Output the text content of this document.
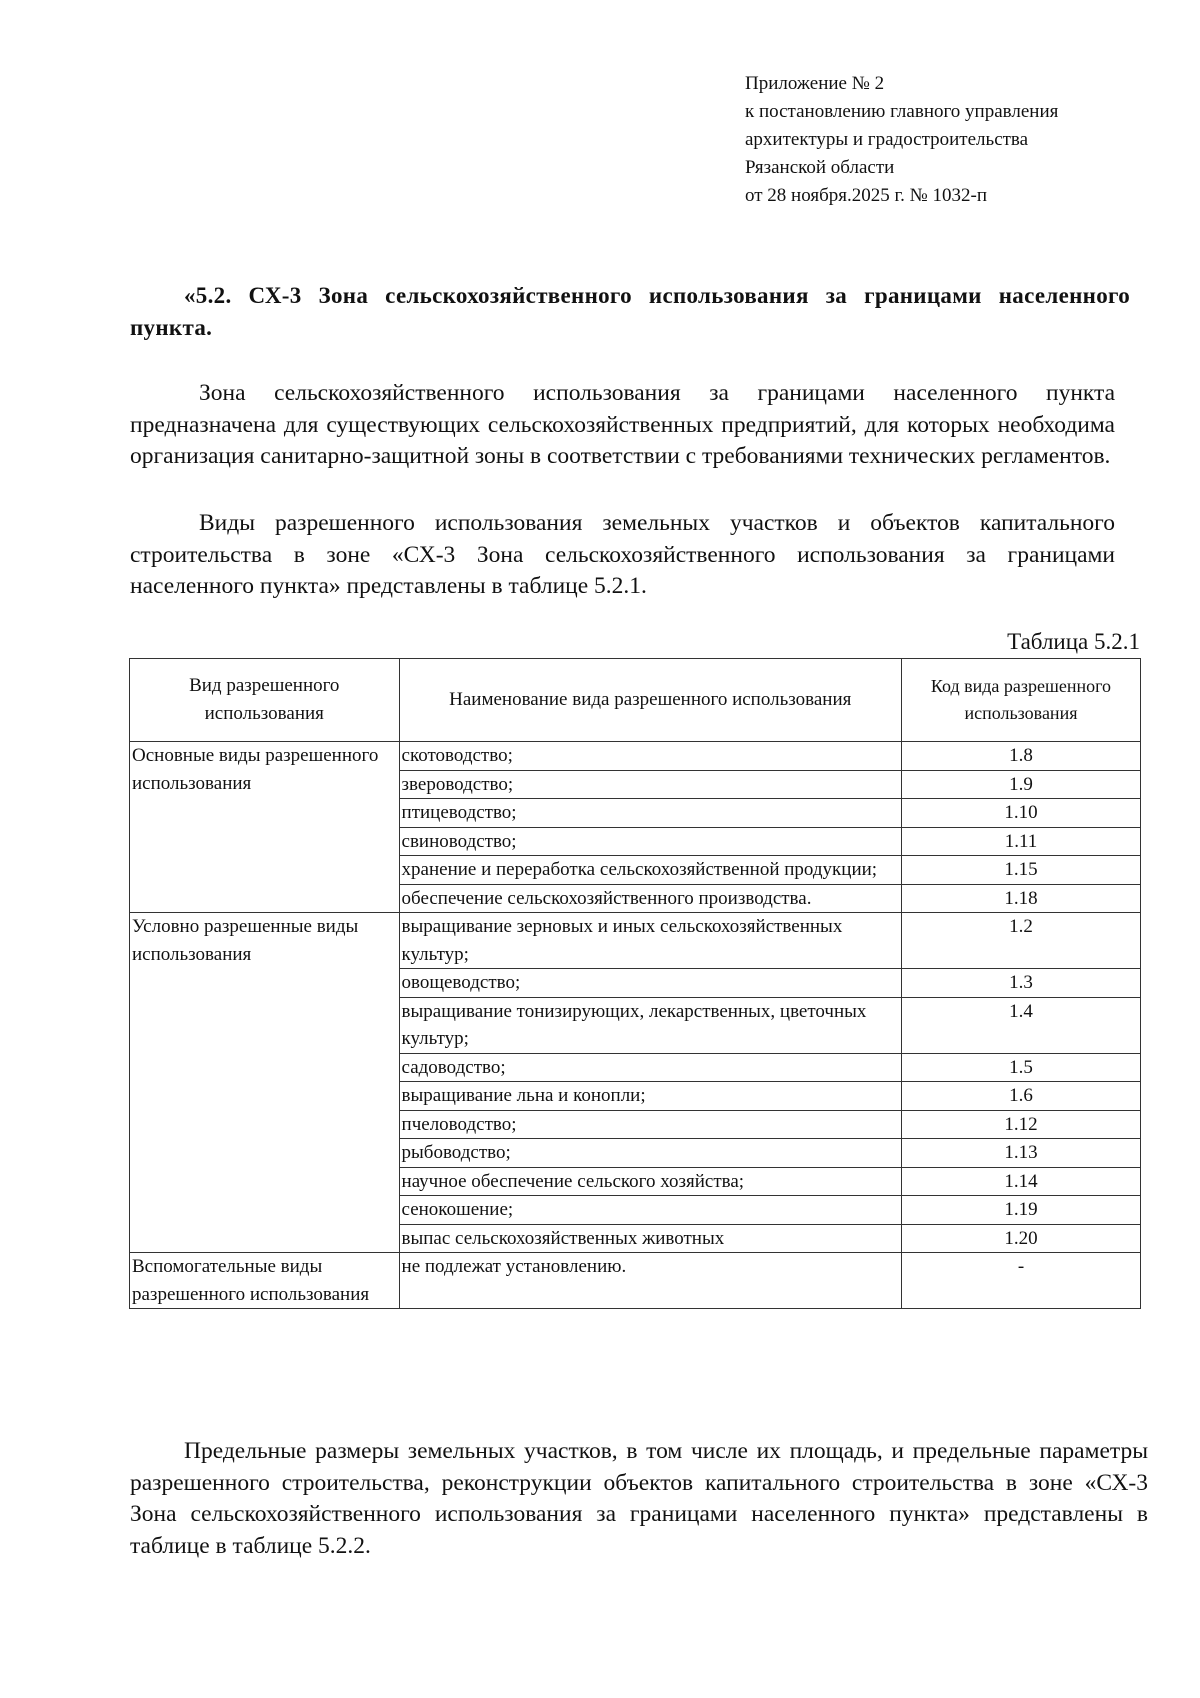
Приложение № 2
к постановлению главного управления
архитектуры и градостроительства
Рязанской области
от 28 ноября.2025 г. № 1032-п
«5.2. СХ-3 Зона сельскохозяйственного использования за границами населенного пункта.

Зона сельскохозяйственного использования за границами населенного пункта предназначена для существующих сельскохозяйственных предприятий, для которых необходима организация санитарно-защитной зоны в соответствии с требованиями технических регламентов.

Виды разрешенного использования земельных участков и объектов капитального строительства в зоне «СХ-3 Зона сельскохозяйственного использования за границами населенного пункта» представлены в таблице 5.2.1.

Таблица 5.2.1
Вид разрешенного использования	Наименование вида разрешенного использования	Код вида разрешенного использования
Основные виды разрешенного использования	скотоводство;	1.8
	звероводство;	1.9
	птицеводство;	1.10
	свиноводство;	1.11
	хранение и переработка сельскохозяйственной продукции;	1.15
	обеспечение сельскохозяйственного производства.	1.18
Условно разрешенные виды использования	выращивание зерновых и иных сельскохозяйственных культур;	1.2
	овощеводство;	1.3
	выращивание тонизирующих, лекарственных, цветочных культур;	1.4
	садоводство;	1.5
	выращивание льна и конопли;	1.6
	пчеловодство;	1.12
	рыбоводство;	1.13
	научное обеспечение сельского хозяйства;	1.14
	сенокошение;	1.19
	выпас сельскохозяйственных животных	1.20
Вспомогательные виды разрешенного использования	не подлежат установлению.	-

Предельные размеры земельных участков, в том числе их площадь, и предельные параметры разрешенного строительства, реконструкции объектов капитального строительства в зоне «СХ-3 Зона сельскохозяйственного использования за границами населенного пункта» представлены в таблице в таблице 5.2.2.
